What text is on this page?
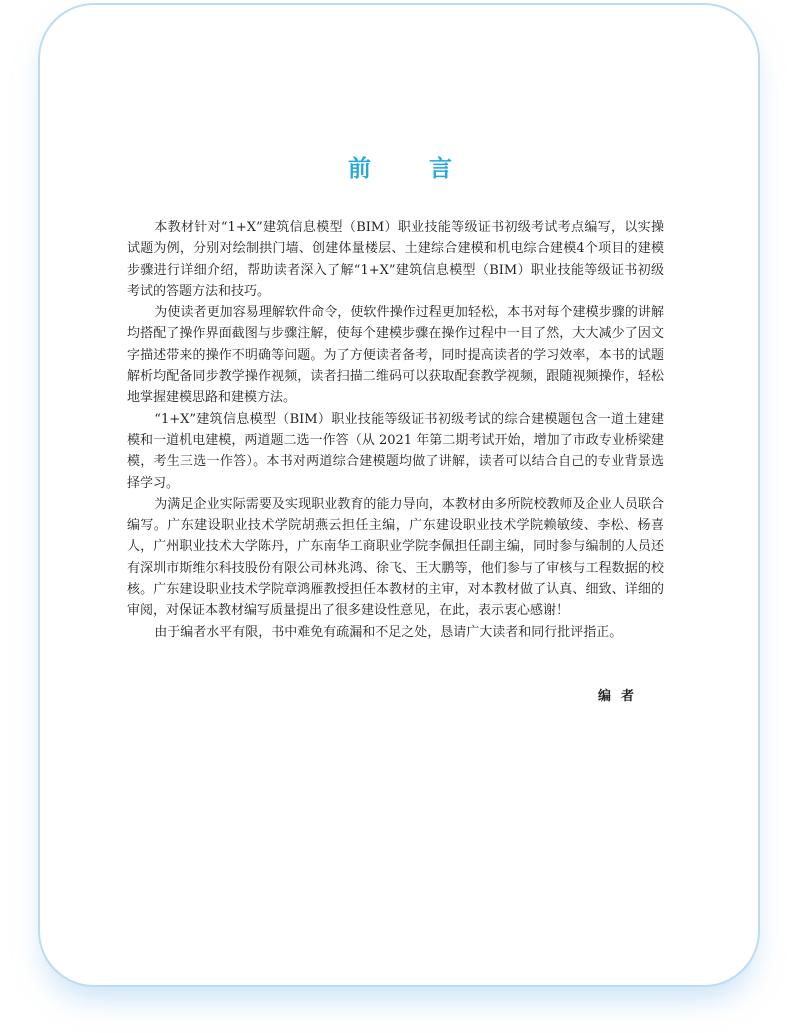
前	言

本教材针对“1+X”建筑信息模型（BIM）职业技能等级证书初级考试考点编写，以实操试题为例，分别对绘制拱门墙、创建体量楼层、土建综合建模和机电综合建模4个项目的建模步骤进行详细介绍，帮助读者深入了解“1+X”建筑信息模型（BIM）职业技能等级证书初级考试的答题方法和技巧。

为使读者更加容易理解软件命令，使软件操作过程更加轻松，本书对每个建模步骤的讲解均搭配了操作界面截图与步骤注解，使每个建模步骤在操作过程中一目了然，大大减少了因文字描述带来的操作不明确等问题。为了方便读者备考，同时提高读者的学习效率，本书的试题解析均配备同步教学操作视频，读者扫描二维码可以获取配套教学视频，跟随视频操作，轻松地掌握建模思路和建模方法。

“1+X”建筑信息模型（BIM）职业技能等级证书初级考试的综合建模题包含一道土建建模和一道机电建模，两道题二选一作答（从 2021 年第二期考试开始，增加了市政专业桥梁建模，考生三选一作答）。本书对两道综合建模题均做了讲解，读者可以结合自己的专业背景选择学习。

为满足企业实际需要及实现职业教育的能力导向，本教材由多所院校教师及企业人员联合编写。广东建设职业技术学院胡燕云担任主编，广东建设职业技术学院赖敏绫、李松、杨喜人，广州职业技术大学陈丹，广东南华工商职业学院李佩担任副主编，同时参与编制的人员还有深圳市斯维尔科技股份有限公司林兆鸿、徐飞、王大鹏等，他们参与了审核与工程数据的校核。广东建设职业技术学院章鸿雁教授担任本教材的主审，对本教材做了认真、细致、详细的审阅，对保证本教材编写质量提出了很多建设性意见，在此，表示衷心感谢！

由于编者水平有限，书中难免有疏漏和不足之处，恳请广大读者和同行批评指正。

编者
